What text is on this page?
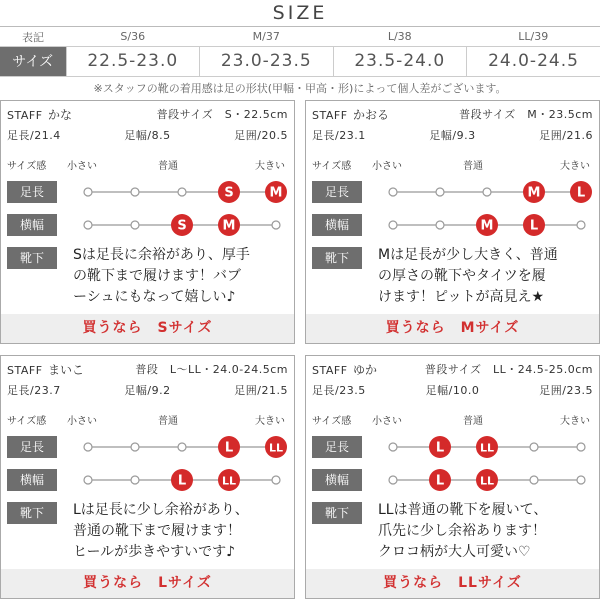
SIZE
表記	S/36	M/37	L/38	LL/39
サイズ	22.5-23.0	23.0-23.5	23.5-24.0	24.0-24.5
※スタッフの靴の着用感は足の形状(甲幅・甲高・形)によって個人差がございます。
STAFF かな	普段サイズ　S・22.5cm
足長/21.4	足幅/8.5	足囲/20.5
サイズ感 小さい	普通	大きい
足長	S	M
横幅	S	M
靴下	Sは足長に余裕があり、厚手
の靴下まで履けます！バブ
ーシュにもなって嬉しい♪
買うなら　Sサイズ
STAFF かおる	普段サイズ　M・23.5cm
足長/23.1	足幅/9.3	足囲/21.6
サイズ感 小さい	普通	大きい
足長	M	L
横幅	M	L
靴下	Mは足長が少し大きく、普通
の厚さの靴下やタイツを履
けます！ピットが高見え★
買うなら　Mサイズ
STAFF まいこ	普段　L〜LL・24.0-24.5cm
足長/23.7	足幅/9.2	足囲/21.5
サイズ感 小さい	普通	大きい
足長	L	LL
横幅	L	LL
靴下	Lは足長に少し余裕があり、
普通の靴下まで履けます！
ヒールが歩きやすいです♪
買うなら　Lサイズ
STAFF ゆか	普段サイズ　LL・24.5-25.0cm
足長/23.5	足幅/10.0	足囲/23.5
サイズ感 小さい	普通	大きい
足長	L	LL
横幅	L	LL
靴下	LLは普通の靴下を履いて、
爪先に少し余裕あります！
クロコ柄が大人可愛い♡
買うなら　LLサイズ
